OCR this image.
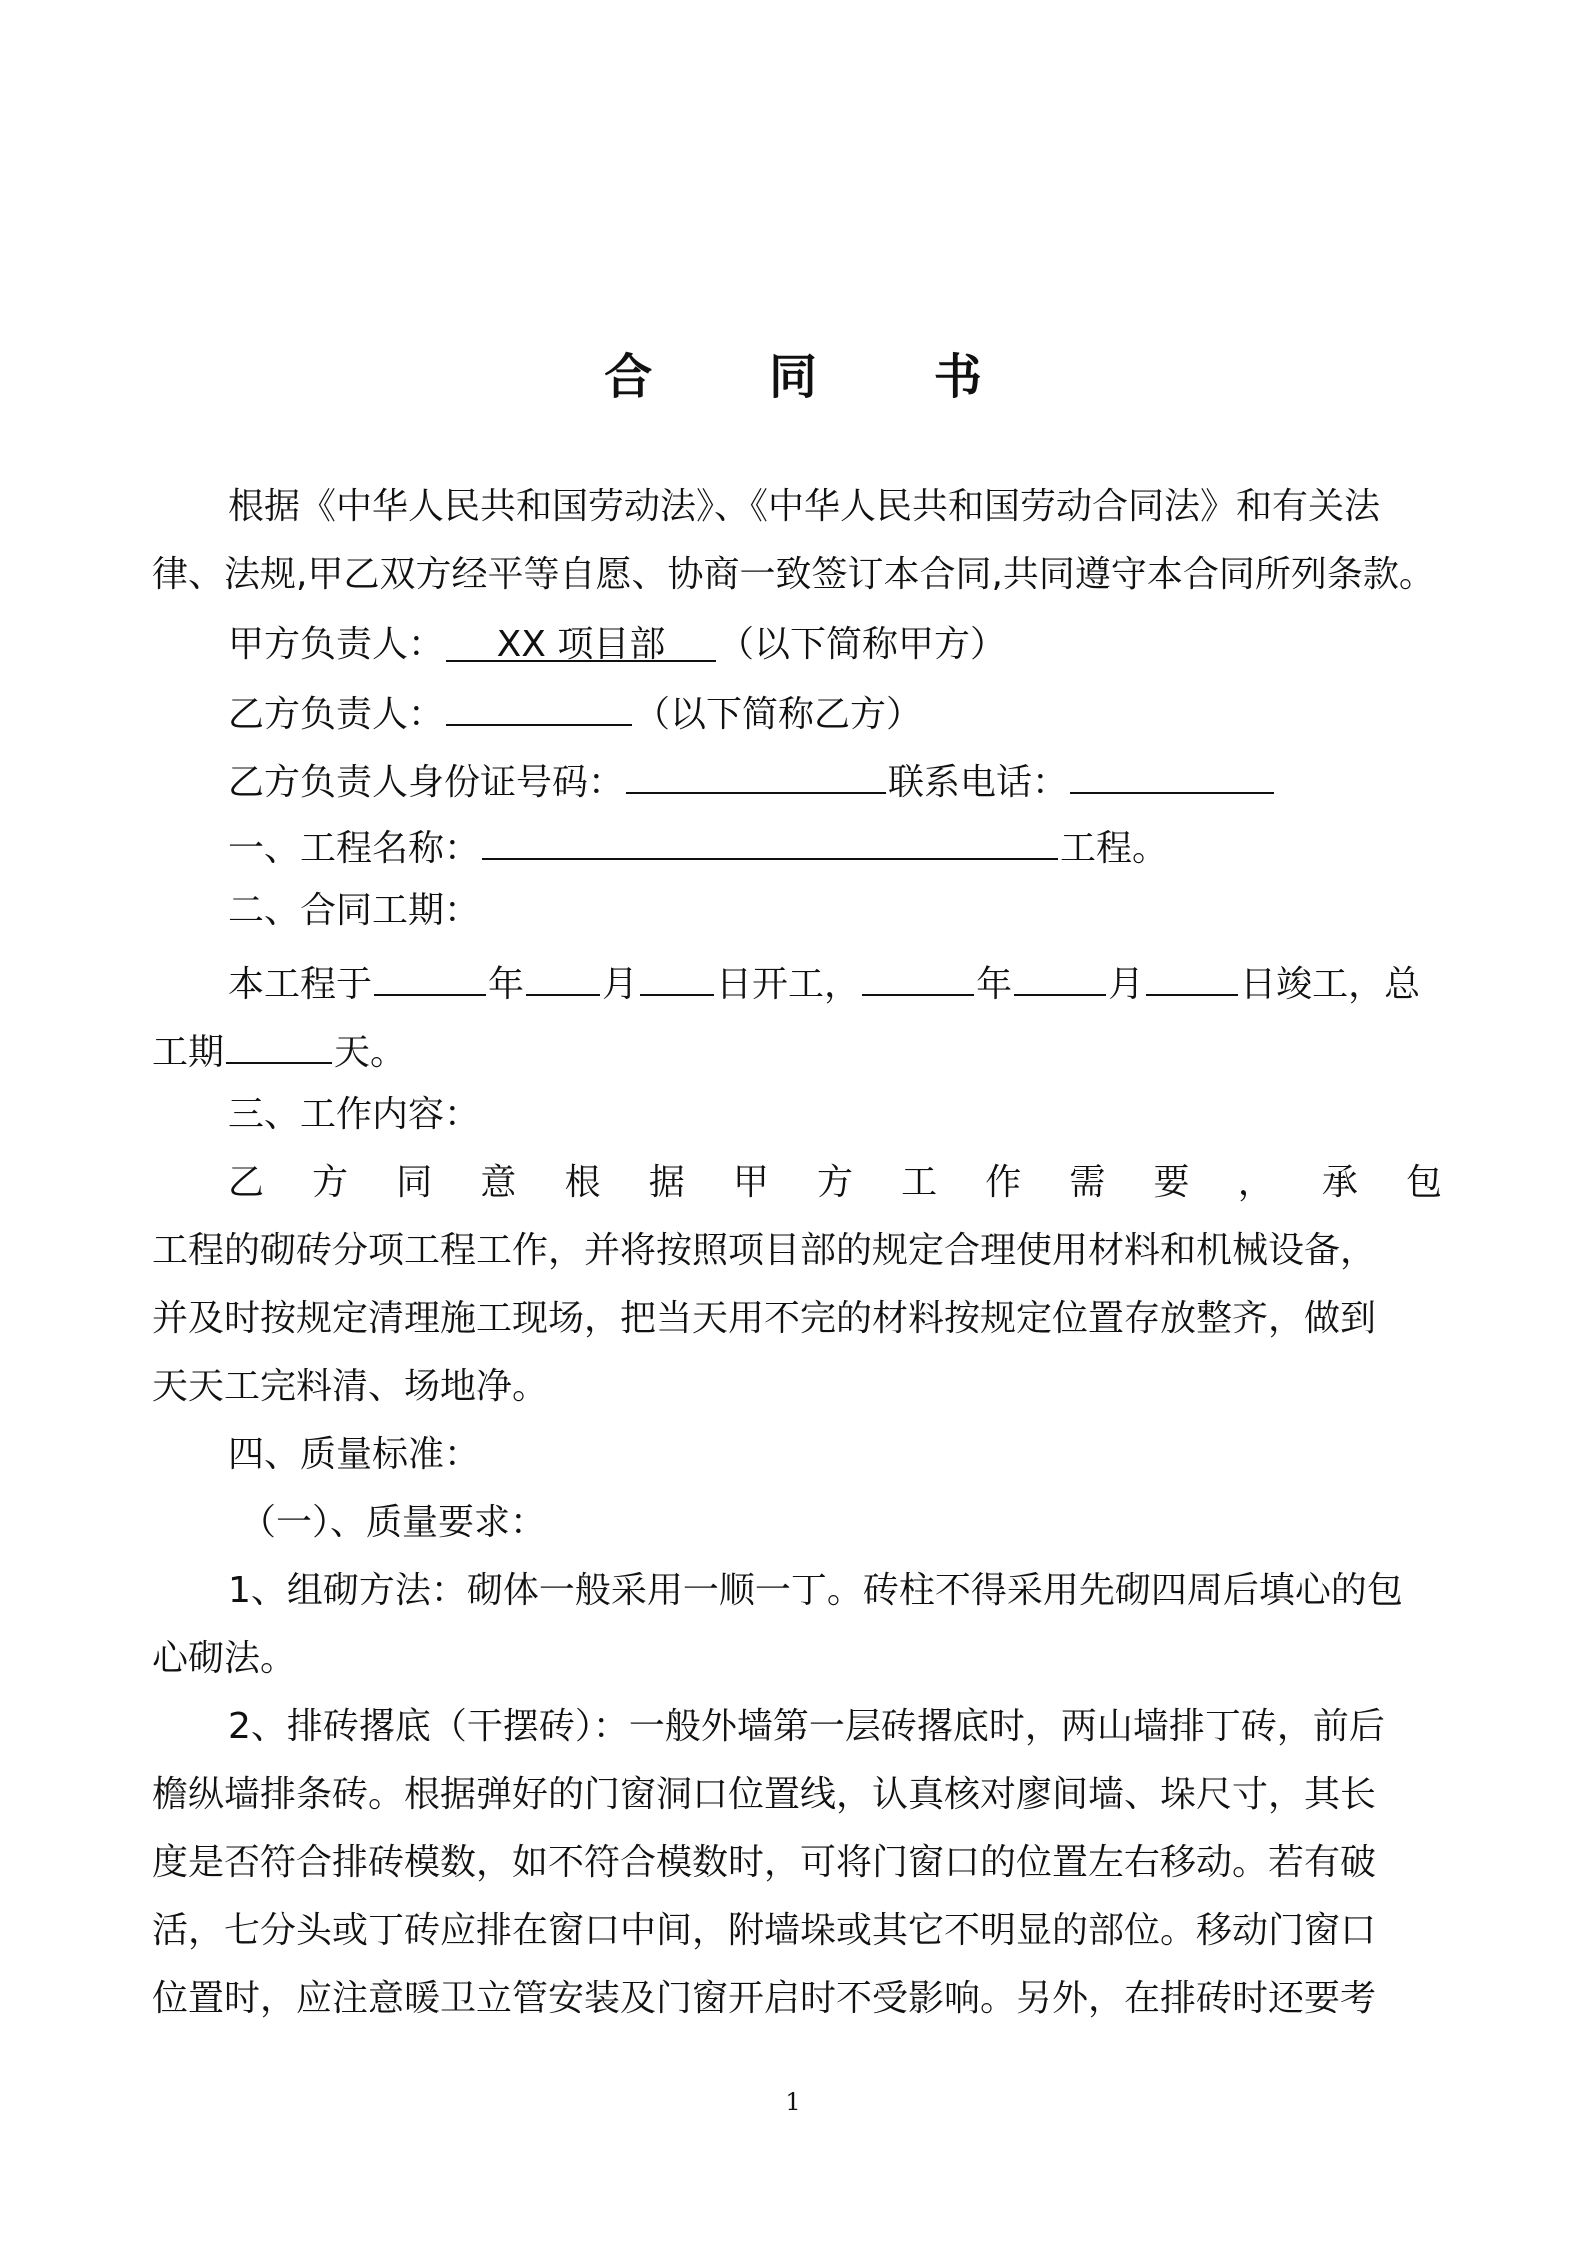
合 同 书
根据《中华人民共和国劳动法》、《中华人民共和国劳动合同法》和有关法
律、法规,甲乙双方经平等自愿、协商一致签订本合同,共同遵守本合同所列条款。
甲方负责人： XX 项目部 （以下简称甲方）
乙方负责人：	（以下简称乙方）
乙方负责人身份证号码：	联系电话：
一、工程名称：	工程。
二、合同工期：
本工程于	年 月 日开工，	年	月	日竣工，总
工期	天。
三、工作内容：
乙 方 同 意 根 据 甲 方 工 作 需 要 ， 承 包
工程的砌砖分项工程工作，并将按照项目部的规定合理使用材料和机械设备，
并及时按规定清理施工现场，把当天用不完的材料按规定位置存放整齐，做到
天天工完料清、场地净。
四、质量标准：
（一）、质量要求：
1、组砌方法：砌体一般采用一顺一丁。砖柱不得采用先砌四周后填心的包
心砌法。
2、排砖撂底（干摆砖）：一般外墙第一层砖撂底时，两山墙排丁砖，前后
檐纵墙排条砖。根据弹好的门窗洞口位置线，认真核对廖间墙、垛尺寸，其长
度是否符合排砖模数，如不符合模数时，可将门窗口的位置左右移动。若有破
活，七分头或丁砖应排在窗口中间，附墙垛或其它不明显的部位。移动门窗口
位置时，应注意暖卫立管安装及门窗开启时不受影响。另外，在排砖时还要考
1
